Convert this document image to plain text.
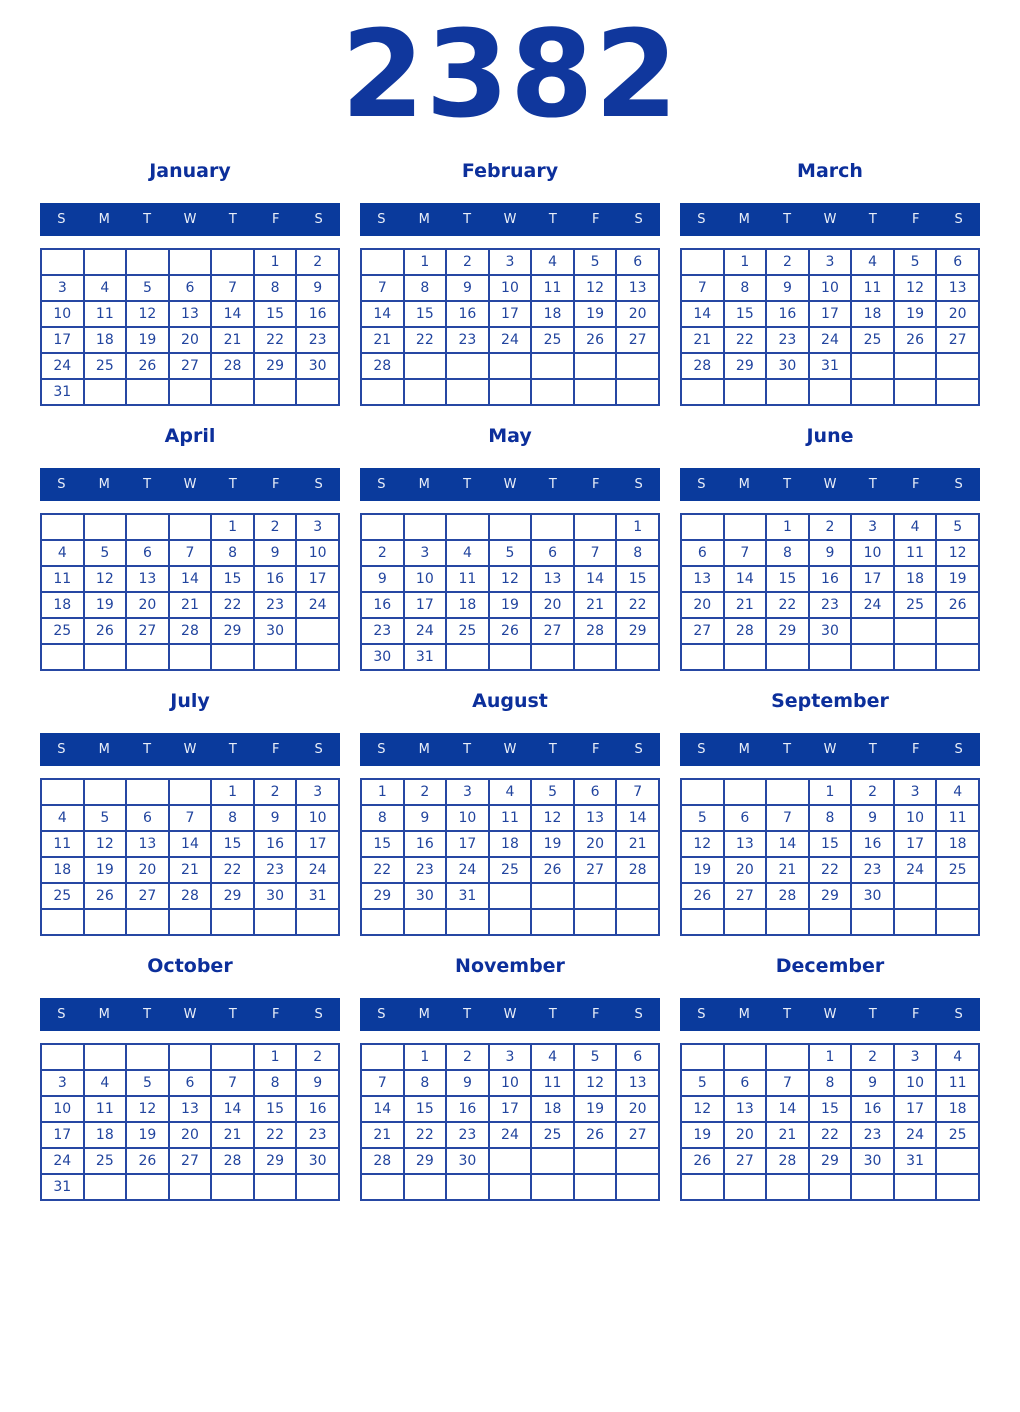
2382
January
S	M	T	W	T	F	S
					1	2
3	4	5	6	7	8	9
10	11	12	13	14	15	16
17	18	19	20	21	22	23
24	25	26	27	28	29	30
31						
February
S	M	T	W	T	F	S
	1	2	3	4	5	6
7	8	9	10	11	12	13
14	15	16	17	18	19	20
21	22	23	24	25	26	27
28						

March
S	M	T	W	T	F	S
	1	2	3	4	5	6
7	8	9	10	11	12	13
14	15	16	17	18	19	20
21	22	23	24	25	26	27
28	29	30	31			

April
S	M	T	W	T	F	S
				1	2	3
4	5	6	7	8	9	10
11	12	13	14	15	16	17
18	19	20	21	22	23	24
25	26	27	28	29	30	

May
S	M	T	W	T	F	S
						1
2	3	4	5	6	7	8
9	10	11	12	13	14	15
16	17	18	19	20	21	22
23	24	25	26	27	28	29
30	31					
June
S	M	T	W	T	F	S
		1	2	3	4	5
6	7	8	9	10	11	12
13	14	15	16	17	18	19
20	21	22	23	24	25	26
27	28	29	30			

July
S	M	T	W	T	F	S
				1	2	3
4	5	6	7	8	9	10
11	12	13	14	15	16	17
18	19	20	21	22	23	24
25	26	27	28	29	30	31

August
S	M	T	W	T	F	S
1	2	3	4	5	6	7
8	9	10	11	12	13	14
15	16	17	18	19	20	21
22	23	24	25	26	27	28
29	30	31				

September
S	M	T	W	T	F	S
			1	2	3	4
5	6	7	8	9	10	11
12	13	14	15	16	17	18
19	20	21	22	23	24	25
26	27	28	29	30		

October
S	M	T	W	T	F	S
					1	2
3	4	5	6	7	8	9
10	11	12	13	14	15	16
17	18	19	20	21	22	23
24	25	26	27	28	29	30
31						
November
S	M	T	W	T	F	S
	1	2	3	4	5	6
7	8	9	10	11	12	13
14	15	16	17	18	19	20
21	22	23	24	25	26	27
28	29	30				

December
S	M	T	W	T	F	S
			1	2	3	4
5	6	7	8	9	10	11
12	13	14	15	16	17	18
19	20	21	22	23	24	25
26	27	28	29	30	31	
